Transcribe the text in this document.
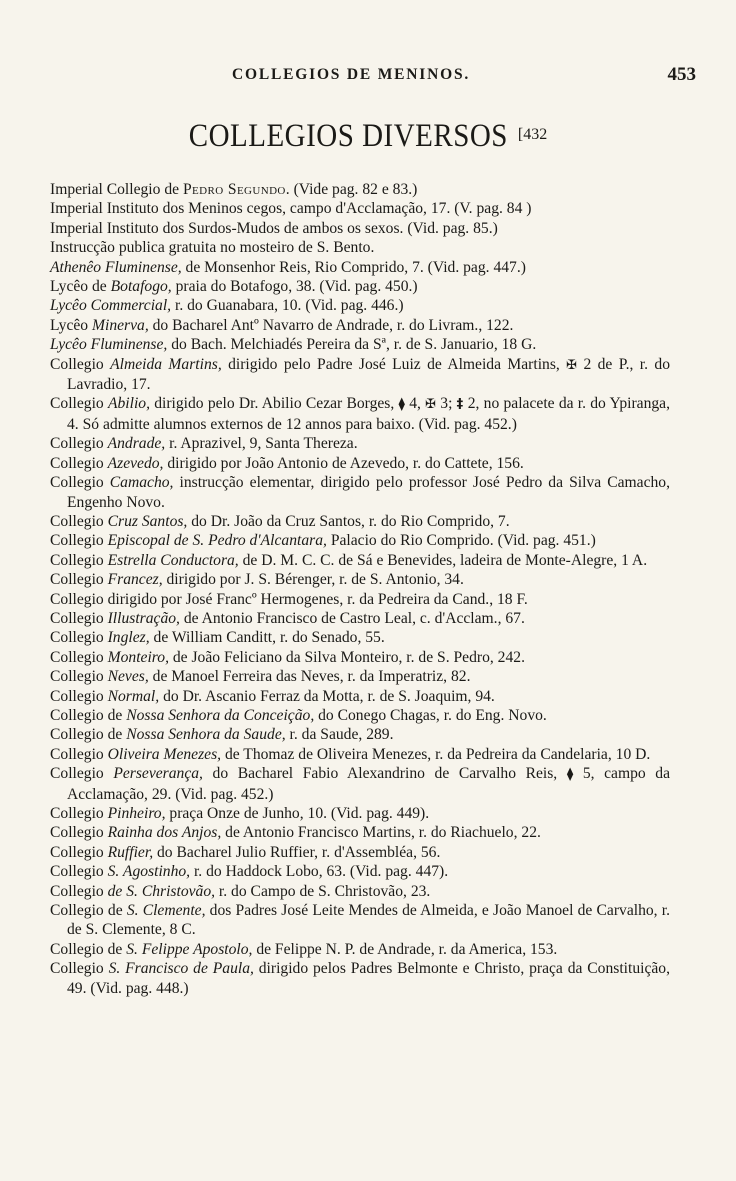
COLLEGIOS DE MENINOS.	453
COLLEGIOS DIVERSOS [432

Imperial Collegio de Pedro Segundo. (Vide pag. 82 e 83.)

Imperial Instituto dos Meninos cegos, campo d'Acclamação, 17. (V. pag. 84 )

Imperial Instituto dos Surdos-Mudos de ambos os sexos. (Vid. pag. 85.)

Instrucção publica gratuita no mosteiro de S. Bento.

Athenêo Fluminense, de Monsenhor Reis, Rio Comprido, 7. (Vid. pag. 447.)

Lycêo de Botafogo, praia do Botafogo, 38. (Vid. pag. 450.)

Lycêo Commercial, r. do Guanabara, 10. (Vid. pag. 446.)

Lycêo Minerva, do Bacharel Antº Navarro de Andrade, r. do Livram., 122.

Lycêo Fluminense, do Bach. Melchiadés Pereira da Sª, r. de S. Januario, 18 G.

Collegio Almeida Martins, dirigido pelo Padre José Luiz de Almeida Martins, ✠ 2 de P., r. do Lavradio, 17.

Collegio Abilio, dirigido pelo Dr. Abilio Cezar Borges, ⧫ 4, ✠ 3; ‡ 2, no palacete da r. do Ypiranga, 4. Só admitte alumnos externos de 12 annos para baixo. (Vid. pag. 452.)

Collegio Andrade, r. Aprazivel, 9, Santa Thereza.

Collegio Azevedo, dirigido por João Antonio de Azevedo, r. do Cattete, 156.

Collegio Camacho, instrucção elementar, dirigido pelo professor José Pedro da Silva Camacho, Engenho Novo.

Collegio Cruz Santos, do Dr. João da Cruz Santos, r. do Rio Comprido, 7.

Collegio Episcopal de S. Pedro d'Alcantara, Palacio do Rio Comprido. (Vid. pag. 451.)

Collegio Estrella Conductora, de D. M. C. C. de Sá e Benevides, ladeira de Monte-Alegre, 1 A.

Collegio Francez, dirigido por J. S. Bérenger, r. de S. Antonio, 34.

Collegio dirigido por José Francº Hermogenes, r. da Pedreira da Cand., 18 F.

Collegio Illustração, de Antonio Francisco de Castro Leal, c. d'Acclam., 67.

Collegio Inglez, de William Canditt, r. do Senado, 55.

Collegio Monteiro, de João Feliciano da Silva Monteiro, r. de S. Pedro, 242.

Collegio Neves, de Manoel Ferreira das Neves, r. da Imperatriz, 82.

Collegio Normal, do Dr. Ascanio Ferraz da Motta, r. de S. Joaquim, 94.

Collegio de Nossa Senhora da Conceição, do Conego Chagas, r. do Eng. Novo.

Collegio de Nossa Senhora da Saude, r. da Saude, 289.

Collegio Oliveira Menezes, de Thomaz de Oliveira Menezes, r. da Pedreira da Candelaria, 10 D.

Collegio Perseverança, do Bacharel Fabio Alexandrino de Carvalho Reis, ⧫ 5, campo da Acclamação, 29. (Vid. pag. 452.)

Collegio Pinheiro, praça Onze de Junho, 10. (Vid. pag. 449).

Collegio Rainha dos Anjos, de Antonio Francisco Martins, r. do Riachuelo, 22.

Collegio Ruffier, do Bacharel Julio Ruffier, r. d'Assembléa, 56.

Collegio S. Agostinho, r. do Haddock Lobo, 63. (Vid. pag. 447).

Collegio de S. Christovão, r. do Campo de S. Christovão, 23.

Collegio de S. Clemente, dos Padres José Leite Mendes de Almeida, e João Manoel de Carvalho, r. de S. Clemente, 8 C.

Collegio de S. Felippe Apostolo, de Felippe N. P. de Andrade, r. da America, 153.

Collegio S. Francisco de Paula, dirigido pelos Padres Belmonte e Christo, praça da Constituição, 49. (Vid. pag. 448.)
